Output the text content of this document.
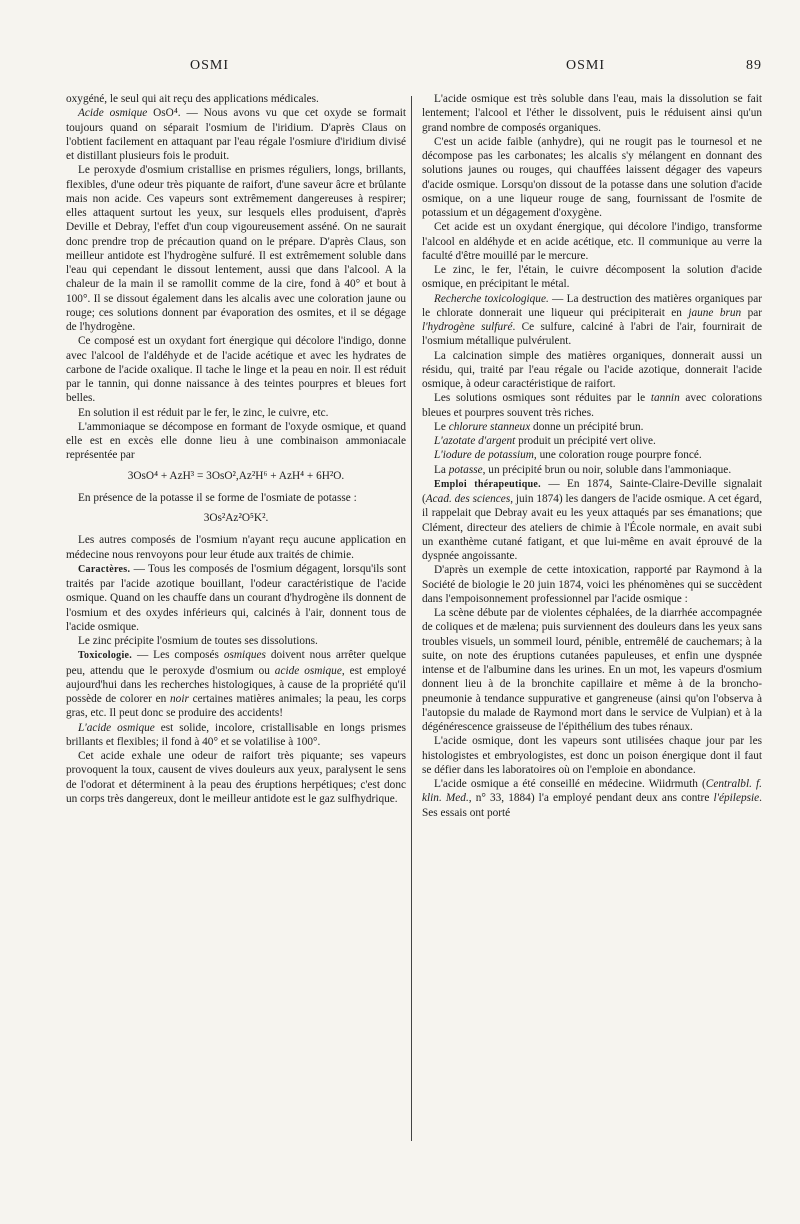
OSMI	OSMI	89

oxygéné, le seul qui ait reçu des applications médicales.

Acide osmique OsO⁴. — Nous avons vu que cet oxyde se formait toujours quand on séparait l'osmium de l'iridium. D'après Claus on l'obtient facilement en attaquant par l'eau régale l'osmiure d'iridium divisé et distillant plusieurs fois le produit.

Le peroxyde d'osmium cristallise en prismes réguliers, longs, brillants, flexibles, d'une odeur très piquante de raifort, d'une saveur âcre et brûlante mais non acide. Ces vapeurs sont extrêmement dangereuses à respirer; elles attaquent surtout les yeux, sur lesquels elles produisent, d'après Deville et Debray, l'effet d'un coup vigoureusement asséné. On ne saurait donc prendre trop de précaution quand on le prépare. D'après Claus, son meilleur antidote est l'hydrogène sulfuré. Il est extrêmement soluble dans l'eau qui cependant le dissout lentement, aussi que dans l'alcool. A la chaleur de la main il se ramollit comme de la cire, fond à 40° et bout à 100°. Il se dissout également dans les alcalis avec une coloration jaune ou rouge; ces solutions donnent par évaporation des osmites, et il se dégage de l'hydrogène.

Ce composé est un oxydant fort énergique qui décolore l'indigo, donne avec l'alcool de l'aldéhyde et de l'acide acétique et avec les hydrates de carbone de l'acide oxalique. Il tache le linge et la peau en noir. Il est réduit par le tannin, qui donne naissance à des teintes pourpres et bleues fort belles.

En solution il est réduit par le fer, le zinc, le cuivre, etc.

L'ammoniaque se décompose en formant de l'oxyde osmique, et quand elle est en excès elle donne lieu à une combinaison ammoniacale représentée par

3OsO⁴ + AzH³ = 3OsO²,Az²H⁶ + AzH⁴ + 6H²O.

En présence de la potasse il se forme de l'osmiate de potasse :

3Os²Az²O⁵K².

Les autres composés de l'osmium n'ayant reçu aucune application en médecine nous renvoyons pour leur étude aux traités de chimie.

Caractères. — Tous les composés de l'osmium dégagent, lorsqu'ils sont traités par l'acide azotique bouillant, l'odeur caractéristique de l'acide osmique. Quand on les chauffe dans un courant d'hydrogène ils donnent de l'osmium et des oxydes inférieurs qui, calcinés à l'air, donnent tous de l'acide osmique.

Le zinc précipite l'osmium de toutes ses dissolutions.

Toxicologie. — Les composés osmiques doivent nous arrêter quelque peu, attendu que le peroxyde d'osmium ou acide osmique, est employé aujourd'hui dans les recherches histologiques, à cause de la propriété qu'il possède de colorer en noir certaines matières animales; la peau, les corps gras, etc. Il peut donc se produire des accidents!

L'acide osmique est solide, incolore, cristallisable en longs prismes brillants et flexibles; il fond à 40° et se volatilise à 100°.

Cet acide exhale une odeur de raifort très piquante; ses vapeurs provoquent la toux, causent de vives douleurs aux yeux, paralysent le sens de l'odorat et déterminent à la peau des éruptions herpétiques; c'est donc un corps très dangereux, dont le meilleur antidote est le gaz sulfhydrique.

L'acide osmique est très soluble dans l'eau, mais la dissolution se fait lentement; l'alcool et l'éther le dissolvent, puis le réduisent ainsi qu'un grand nombre de composés organiques.

C'est un acide faible (anhydre), qui ne rougit pas le tournesol et ne décompose pas les carbonates; les alcalis s'y mélangent en donnant des solutions jaunes ou rouges, qui chauffées laissent dégager des vapeurs d'acide osmique. Lorsqu'on dissout de la potasse dans une solution d'acide osmique, on a une liqueur rouge de sang, fournissant de l'osmite de potassium et un dégagement d'oxygène.

Cet acide est un oxydant énergique, qui décolore l'indigo, transforme l'alcool en aldéhyde et en acide acétique, etc. Il communique au verre la faculté d'être mouillé par le mercure.

Le zinc, le fer, l'étain, le cuivre décomposent la solution d'acide osmique, en précipitant le métal.

Recherche toxicologique. — La destruction des matières organiques par le chlorate donnerait une liqueur qui précipiterait en jaune brun par l'hydrogène sulfuré. Ce sulfure, calciné à l'abri de l'air, fournirait de l'osmium métallique pulvérulent.

La calcination simple des matières organiques, donnerait aussi un résidu, qui, traité par l'eau régale ou l'acide azotique, donnerait l'acide osmique, à odeur caractéristique de raifort.

Les solutions osmiques sont réduites par le tannin avec colorations bleues et pourpres souvent très riches.

Le chlorure stanneux donne un précipité brun.

L'azotate d'argent produit un précipité vert olive.

L'iodure de potassium, une coloration rouge pourpre foncé.

La potasse, un précipité brun ou noir, soluble dans l'ammoniaque.

Emploi thérapeutique. — En 1874, Sainte-Claire-Deville signalait (Acad. des sciences, juin 1874) les dangers de l'acide osmique. A cet égard, il rappelait que Debray avait eu les yeux attaqués par ses émanations; que Clément, directeur des ateliers de chimie à l'École normale, en avait subi un exanthème cutané fatigant, et que lui-même en avait éprouvé de la dyspnée angoissante.

D'après un exemple de cette intoxication, rapporté par Raymond à la Société de biologie le 20 juin 1874, voici les phénomènes qui se succèdent dans l'empoisonnement professionnel par l'acide osmique :

La scène débute par de violentes céphalées, de la diarrhée accompagnée de coliques et de mælena; puis surviennent des douleurs dans les yeux sans troubles visuels, un sommeil lourd, pénible, entremêlé de cauchemars; à la suite, on note des éruptions cutanées papuleuses, et enfin une dyspnée intense et de l'albumine dans les urines. En un mot, les vapeurs d'osmium donnent lieu à de la bronchite capillaire et même à de la broncho-pneumonie à tendance suppurative et gangreneuse (ainsi qu'on l'observa à l'autopsie du malade de Raymond mort dans le service de Vulpian) et à la dégénérescence graisseuse de l'épithélium des tubes rénaux.

L'acide osmique, dont les vapeurs sont utilisées chaque jour par les histologistes et embryologistes, est donc un poison énergique dont il faut se défier dans les laboratoires où on l'emploie en abondance.

L'acide osmique a été conseillé en médecine. Wiidrmuth (Centralbl. f. klin. Med., n° 33, 1884) l'a employé pendant deux ans contre l'épilepsie. Ses essais ont porté
